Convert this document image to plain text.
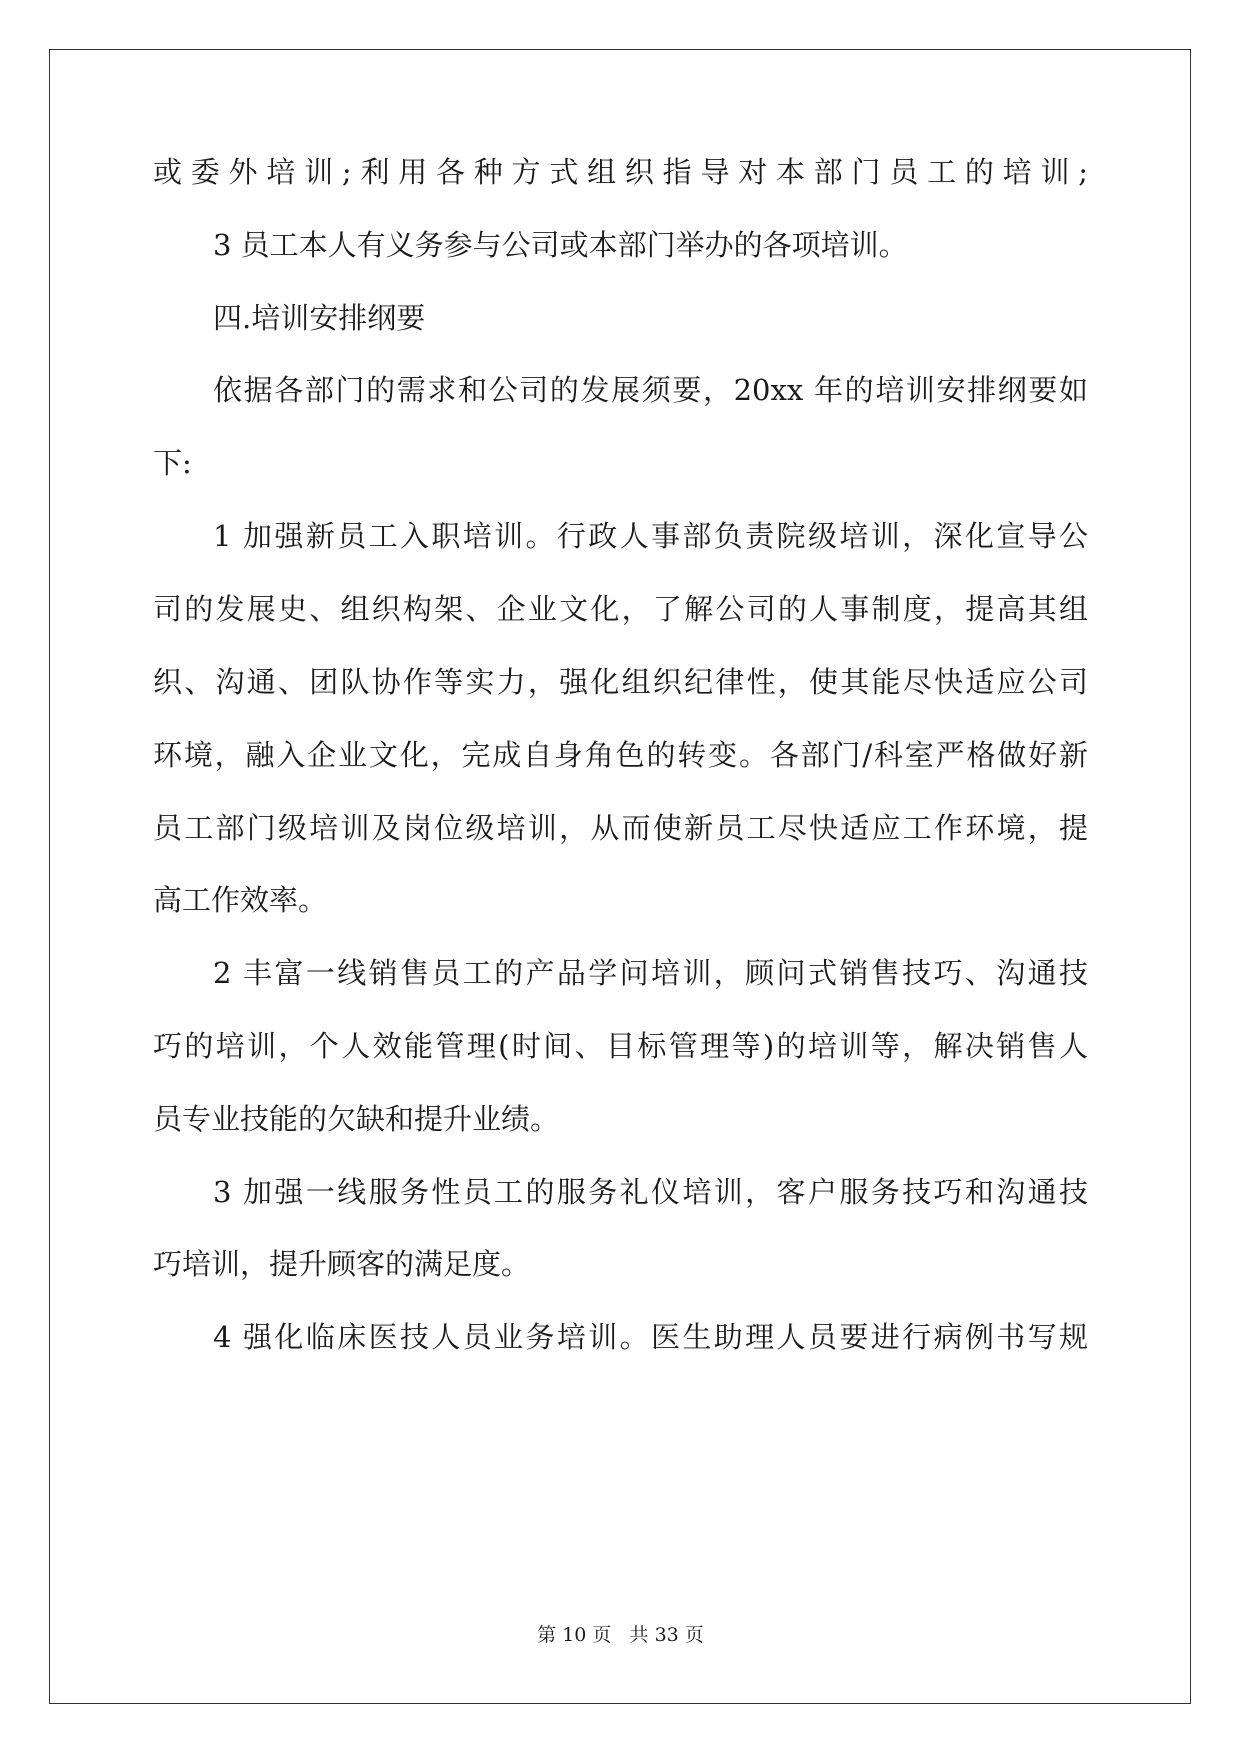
或委外培训;利用各种方式组织指导对本部门员工的培训;
3 员工本人有义务参与公司或本部门举办的各项培训。
四.培训安排纲要
依据各部门的需求和公司的发展须要，20xx 年的培训安排纲要如
下:
1 加强新员工入职培训。行政人事部负责院级培训，深化宣导公
司的发展史、组织构架、企业文化，了解公司的人事制度，提高其组
织、沟通、团队协作等实力，强化组织纪律性，使其能尽快适应公司
环境，融入企业文化，完成自身角色的转变。各部门/科室严格做好新
员工部门级培训及岗位级培训，从而使新员工尽快适应工作环境，提
高工作效率。
2 丰富一线销售员工的产品学问培训，顾问式销售技巧、沟通技
巧的培训，个人效能管理(时间、目标管理等)的培训等，解决销售人
员专业技能的欠缺和提升业绩。
3 加强一线服务性员工的服务礼仪培训，客户服务技巧和沟通技
巧培训，提升顾客的满足度。
4 强化临床医技人员业务培训。医生助理人员要进行病例书写规
第 10 页   共 33 页
